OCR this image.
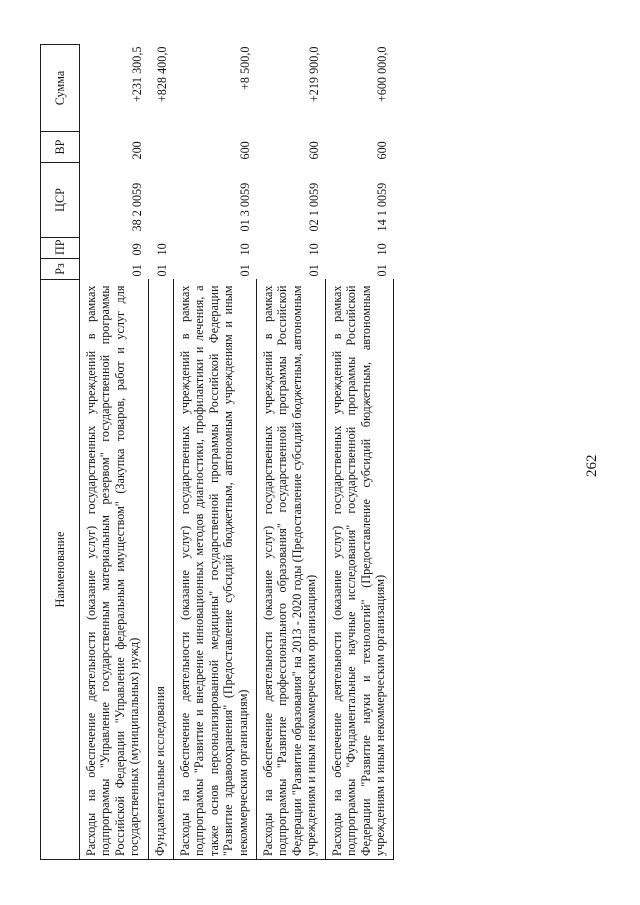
262
Наименование	Рз	ПР	ЦСР	ВР	Сумма
Расходы на обеспечение деятельности (оказание услуг) государственных учреждений в рамках подпрограммы "Управление государственным материальным резервом" государственной программы Российской Федерации "Управление федеральным имуществом" (Закупка товаров, работ и услуг для государственных (муниципальных) нужд)	01	09	38 2 0059	200	+231 300,5
Фундаментальные исследования	01	10			+828 400,0
Расходы на обеспечение деятельности (оказание услуг) государственных учреждений в рамках подпрограммы "Развитие и внедрение инновационных методов диагностики, профилактики и лечения, а также основ персонализированной медицины" государственной программы Российской Федерации "Развитие здравоохранения" (Предоставление субсидий бюджетным, автономным учреждениям и иным некоммерческим организациям)	01	10	01 3 0059	600	+8 500,0
Расходы на обеспечение деятельности (оказание услуг) государственных учреждений в рамках подпрограммы "Развитие профессионального образования" государственной программы Российской Федерации "Развитие образования" на 2013 - 2020 годы (Предоставление субсидий бюджетным, автономным учреждениям и иным некоммерческим организациям)	01	10	02 1 0059	600	+219 900,0
Расходы на обеспечение деятельности (оказание услуг) государственных учреждений в рамках подпрограммы "Фундаментальные научные исследования" государственной программы Российской Федерации "Развитие науки и технологий" (Предоставление субсидий бюджетным, автономным учреждениям и иным некоммерческим организациям)	01	10	14 1 0059	600	+600 000,0
